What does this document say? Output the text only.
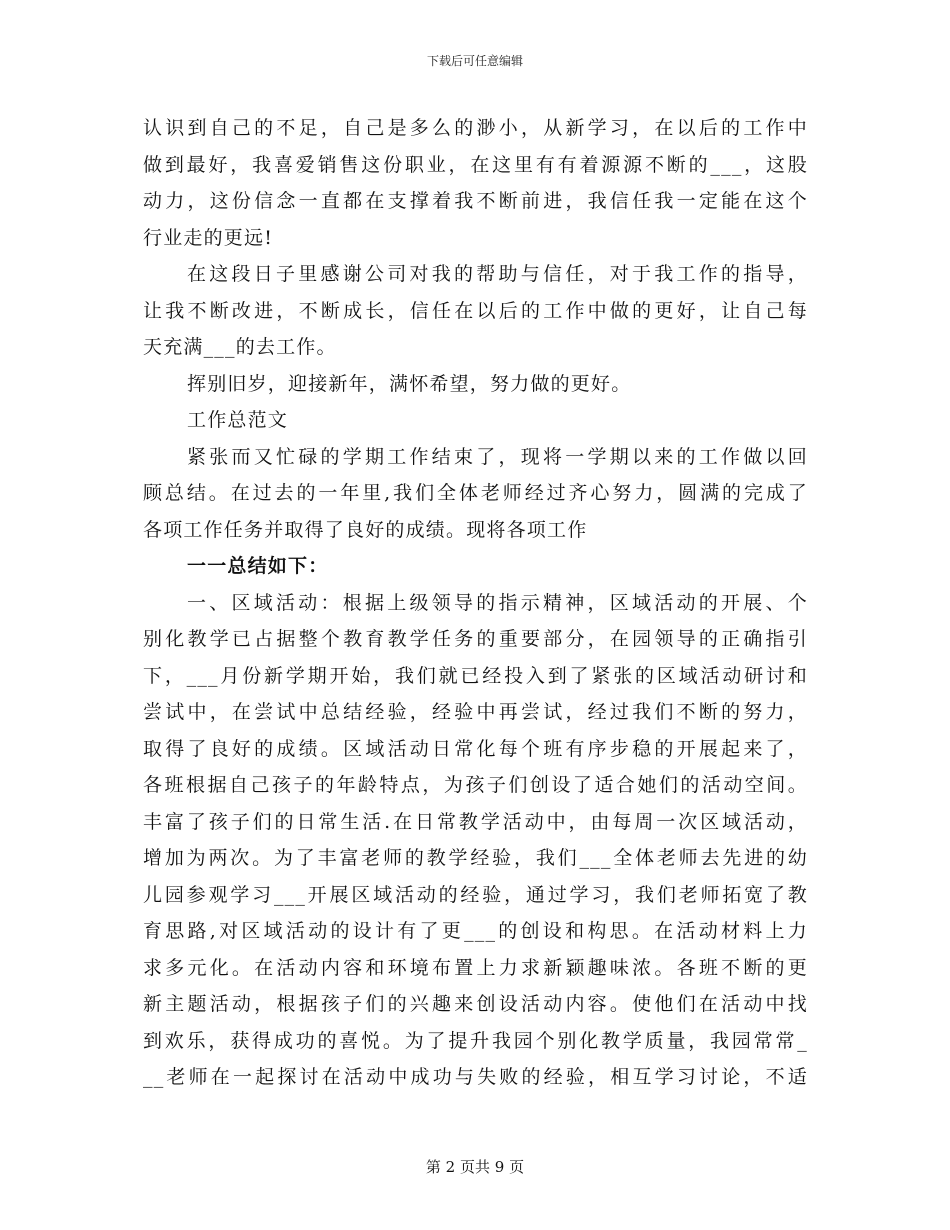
下载后可任意编辑
认识到自己的不足，自己是多么的渺小，从新学习，在以后的工作中
做到最好，我喜爱销售这份职业，在这里有有着源源不断的___，这股
动力，这份信念一直都在支撑着我不断前进，我信任我一定能在这个
行业走的更远!
在这段日子里感谢公司对我的帮助与信任，对于我工作的指导，
让我不断改进，不断成长，信任在以后的工作中做的更好，让自己每
天充满___的去工作。
挥别旧岁，迎接新年，满怀希望，努力做的更好。
工作总范文
紧张而又忙碌的学期工作结束了，现将一学期以来的工作做以回
顾总结。在过去的一年里,我们全体老师经过齐心努力，圆满的完成了
各项工作任务并取得了良好的成绩。现将各项工作
一一总结如下：
一、区域活动：根据上级领导的指示精神，区域活动的开展、个
别化教学已占据整个教育教学任务的重要部分，在园领导的正确指引
下，___月份新学期开始，我们就已经投入到了紧张的区域活动研讨和
尝试中，在尝试中总结经验，经验中再尝试，经过我们不断的努力，
取得了良好的成绩。区域活动日常化每个班有序步稳的开展起来了，
各班根据自己孩子的年龄特点，为孩子们创设了适合她们的活动空间。
丰富了孩子们的日常生活.在日常教学活动中，由每周一次区域活动，
增加为两次。为了丰富老师的教学经验，我们___全体老师去先进的幼
儿园参观学习___开展区域活动的经验，通过学习，我们老师拓宽了教
育思路,对区域活动的设计有了更___的创设和构思。在活动材料上力
求多元化。在活动内容和环境布置上力求新颖趣味浓。各班不断的更
新主题活动，根据孩子们的兴趣来创设活动内容。使他们在活动中找
到欢乐，获得成功的喜悦。为了提升我园个别化教学质量，我园常常_
__老师在一起探讨在活动中成功与失败的经验，相互学习讨论，不适
第 2 页共 9 页
